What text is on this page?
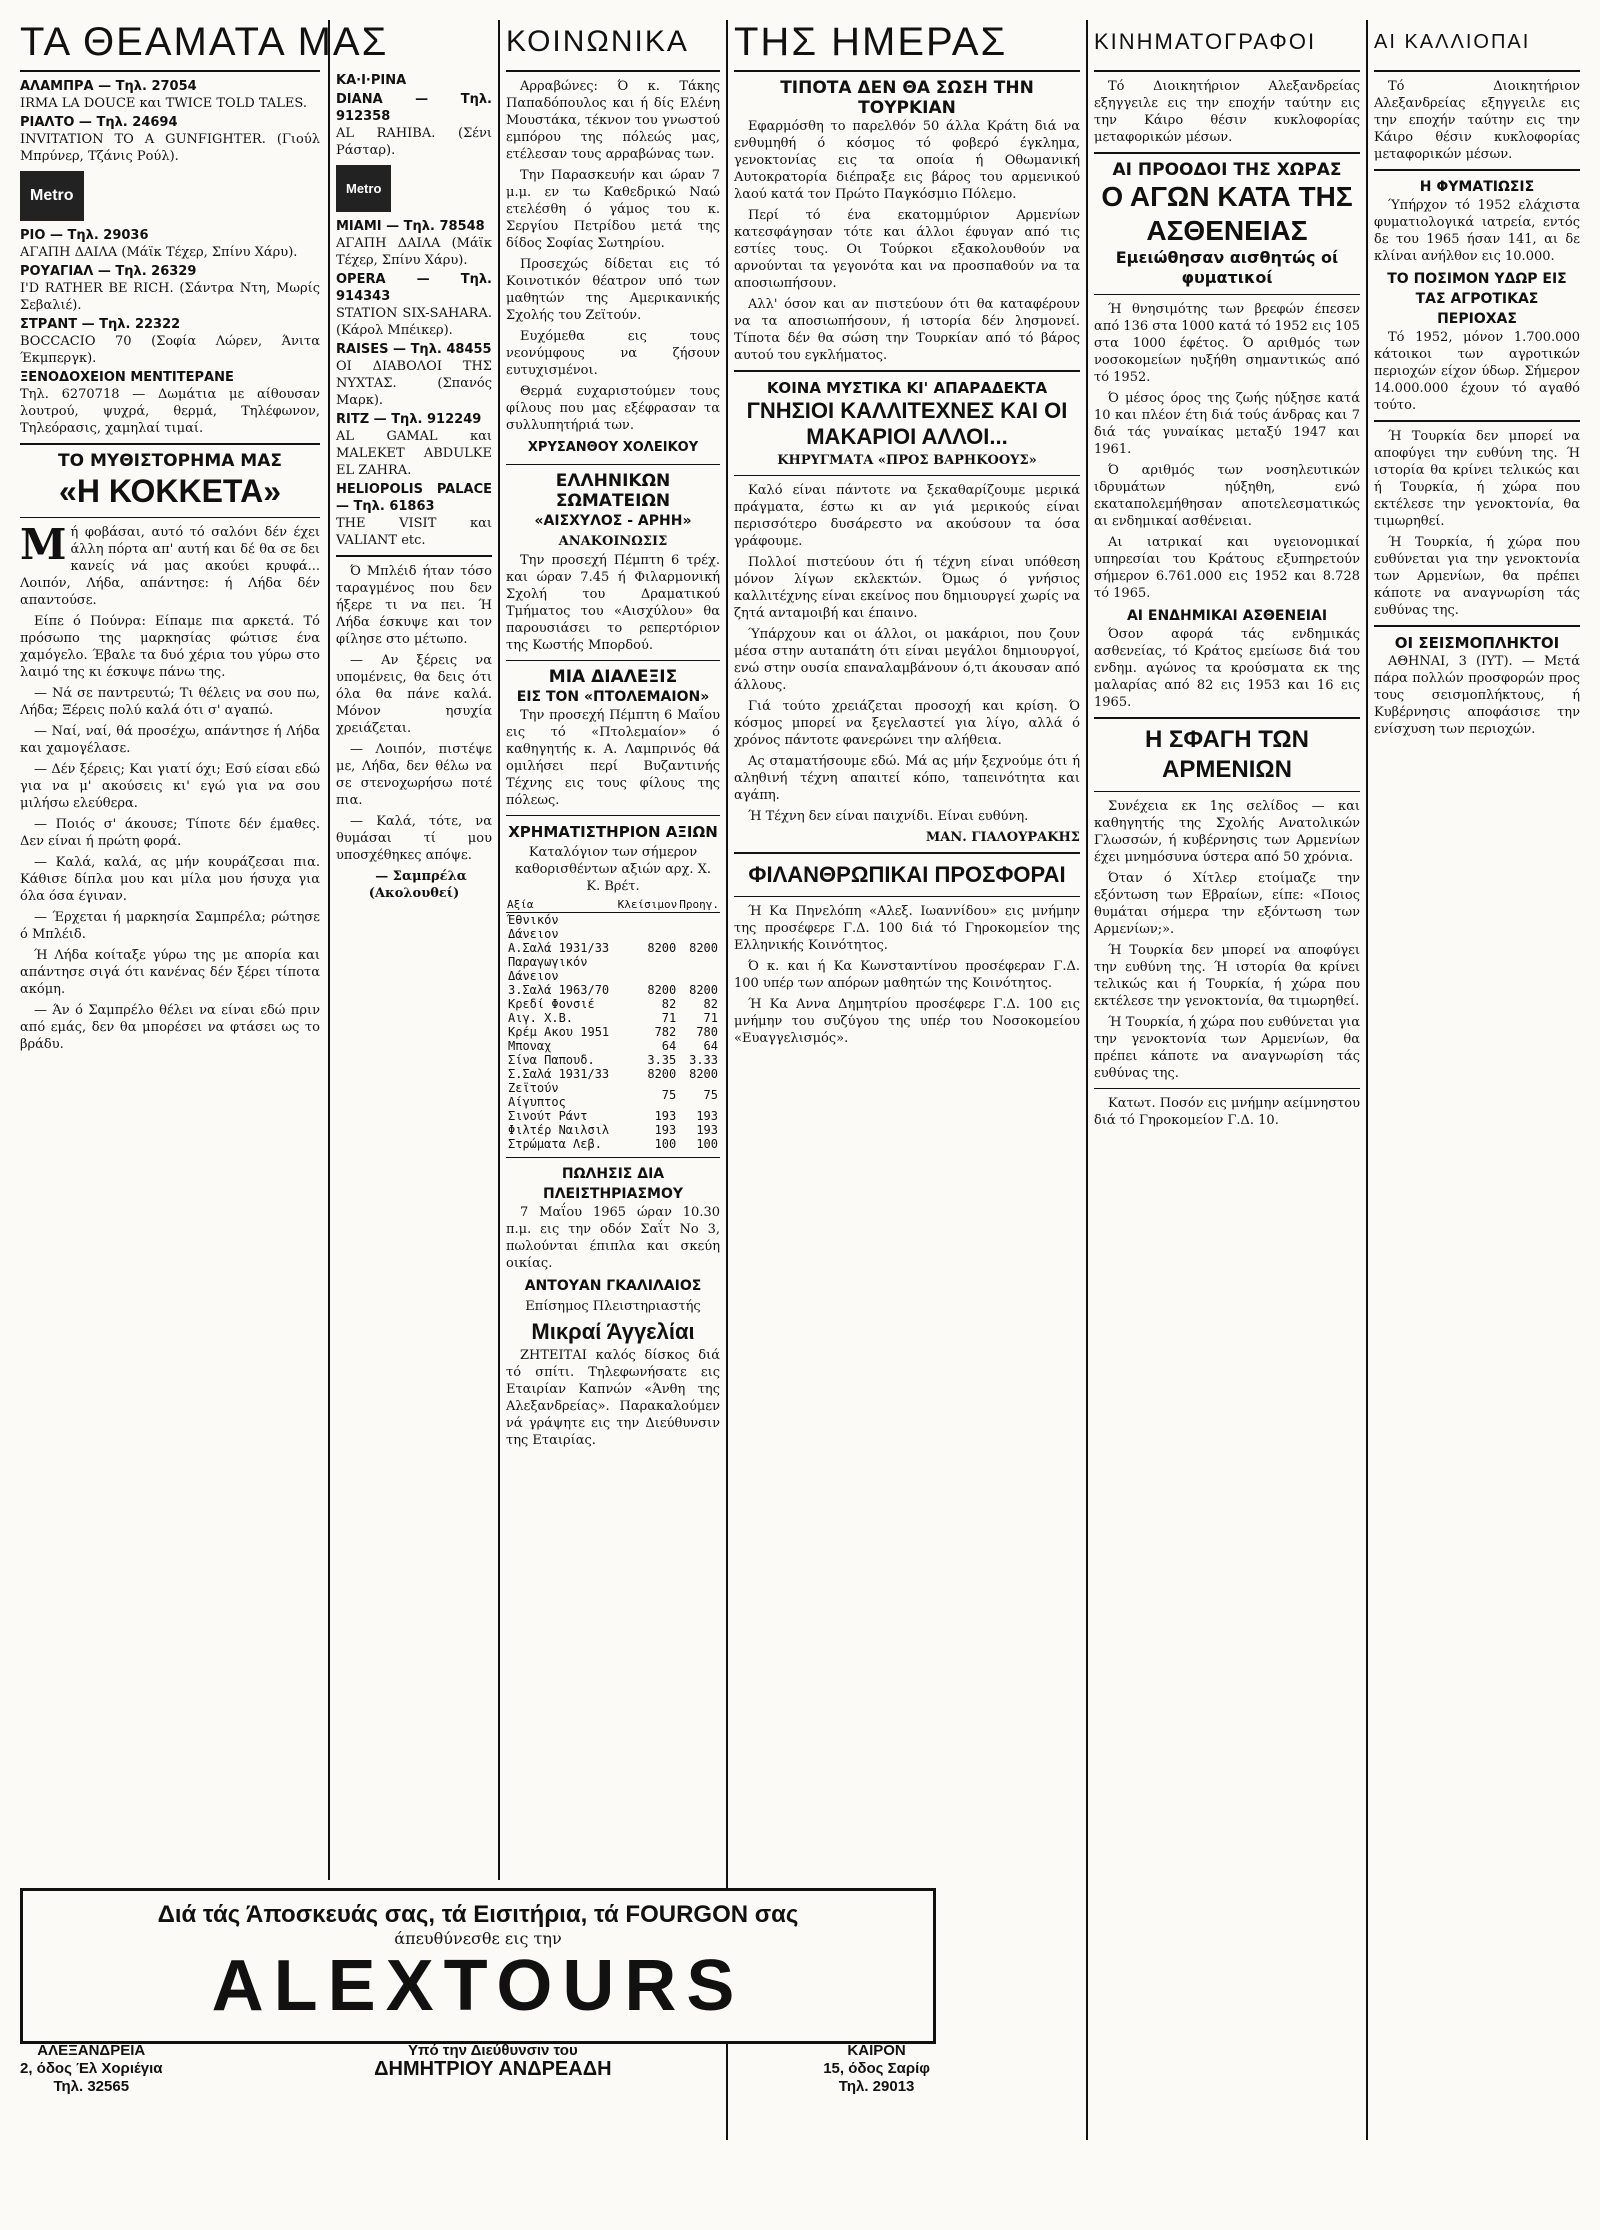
ΤΑ ΘΕΑΜΑΤΑ ΜΑΣ
ΑΛΑΜΠΡΑ — Τηλ. 27054
IRMA LA DOUCE και TWICE TOLD TALES.
ΡΙΑΛΤΟ — Τηλ. 24694
INVITATION TO A GUNFIGHTER. (Γιούλ Μπρύνερ, Τζάνις Ρούλ).
Metro
ΡΙΟ — Τηλ. 29036
ΑΓΑΠΗ ΔΑΙΛΑ (Μάϊκ Τέχερ, Σπίνυ Χάρυ).
ΡΟΥΑΓΙΑΛ — Τηλ. 26329
I'D RATHER BE RICH. (Σάντρα Ντη, Μωρίς Σεβαλιέ).
ΣΤΡΑΝΤ — Τηλ. 22322
BOCCACIO 70 (Σοφία Λώρεν, Άνιτα Έκμπεργκ).
ΞΕΝΟΔΟΧΕΙΟΝ ΜΕΝΤΙΤΕΡΑΝΕ
Τηλ. 6270718 — Δωμάτια με αίθουσαν λουτρού, ψυχρά, θερμά, Τηλέφωνον, Τηλεόρασις, χαμηλαί τιμαί.
ΤΟ ΜΥΘΙΣΤΟΡΗΜΑ ΜΑΣ
«Η ΚΟΚΚΕΤΑ»

Μή φοβάσαι, αυτό τό σαλόνι δέν έχει άλλη πόρτα απ' αυτή και δέ θα σε δει κανείς νά μας ακούει κρυφά... Λοιπόν, Λήδα, απάντησε: ή Λήδα δέν απαντούσε.

Είπε ό Πούνρα: Είπαμε πια αρκετά. Τό πρόσωπο της μαρκησίας φώτισε ένα χαμόγελο. Έβαλε τα δυό χέρια του γύρω στο λαιμό της κι έσκυψε πάνω της.

— Νά σε παντρευτώ; Τι θέλεις να σου πω, Λήδα; Ξέρεις πολύ καλά ότι σ' αγαπώ.

— Ναί, ναί, θά προσέχω, απάντησε ή Λήδα και χαμογέλασε.

— Δέν ξέρεις; Και γιατί όχι; Εσύ είσαι εδώ για να μ' ακούσεις κι' εγώ για να σου μιλήσω ελεύθερα.

— Ποιός σ' άκουσε; Τίποτε δέν έμαθες. Δεν είναι ή πρώτη φορά.

— Καλά, καλά, ας μήν κουράζεσαι πια. Κάθισε δίπλα μου και μίλα μου ήσυχα για όλα όσα έγιναν.

— Έρχεται ή μαρκησία Σαμπρέλα; ρώτησε ό Μπλέιδ.

Ή Λήδα κοίταξε γύρω της με απορία και απάντησε σιγά ότι κανένας δέν ξέρει τίποτα ακόμη.

— Άν ό Σαμπρέλο θέλει να είναι εδώ πριν από εμάς, δεν θα μπορέσει να φτάσει ως το βράδυ.

ΚΑ·Ι·ΡΙΝΑ
DIANA — Τηλ. 912358
AL RAHIBA. (Σένι Ράσταρ).
Metro
MIAMI — Τηλ. 78548
ΑΓΑΠΗ ΔΑΙΛΑ (Μάϊκ Τέχερ, Σπίνυ Χάρυ).
OPERA — Τηλ. 914343
STATION SIX-SAHARA. (Κάρολ Μπέικερ).
RAISES — Τηλ. 48455
ΟΙ ΔΙΑΒΟΛΟΙ ΤΗΣ ΝΥΧΤΑΣ. (Σπανός Μαρκ).
RITZ — Τηλ. 912249
AL GAMAL και MALEKET ABDULKE EL ZAHRA.
HELIOPOLIS PALACE — Τηλ. 61863
THE VISIT και VALIANT etc.

Ό Μπλέιδ ήταν τόσο ταραγμένος που δεν ήξερε τι να πει. Ή Λήδα έσκυψε και τον φίλησε στο μέτωπο.

— Αν ξέρεις να υπομένεις, θα δεις ότι όλα θα πάνε καλά. Μόνον ησυχία χρειάζεται.

— Λοιπόν, πιστέψε με, Λήδα, δεν θέλω να σε στενοχωρήσω ποτέ πια.

— Καλά, τότε, να θυμάσαι τί μου υποσχέθηκες απόψε.

— Σαμπρέλα (Ακολουθεί)

ΚΟΙΝΩΝΙΚΑ

Αρραβώνες: Ό κ. Τάκης Παπαδόπουλος και ή δίς Ελένη Μουστάκα, τέκνον του γνωστού εμπόρου της πόλεώς μας, ετέλεσαν τους αρραβώνας των.

Την Παρασκευήν και ώραν 7 μ.μ. εν τω Καθεδρικώ Ναώ ετελέσθη ό γάμος του κ. Σεργίου Πετρίδου μετά της δίδος Σοφίας Σωτηρίου.

Προσεχώς δίδεται εις τό Κοινοτικόν θέατρον υπό των μαθητών της Αμερικανικής Σχολής του Ζεϊτούν.

Ευχόμεθα εις τους νεονύμφους να ζήσουν ευτυχισμένοι.

Θερμά ευχαριστούμεν τους φίλους που μας εξέφρασαν τα συλλυπητήριά των.

ΧΡΥΣΑΝΘΟΥ ΧΟΛΕΙΚΟΥ
ΕΛΛΗΝΙΚΩΝ ΣΩΜΑΤΕΙΩΝ
«ΑΙΣΧΥΛΟΣ - ΑΡΗΗ»
ΑΝΑΚΟΙΝΩΣΙΣ

Την προσεχή Πέμπτη 6 τρέχ. και ώραν 7.45 ή Φιλαρμονική Σχολή του Δραματικού Τμήματος του «Αισχύλου» θα παρουσιάσει το ρεπερτόριον της Κωστής Μπορδού.

ΜΙΑ ΔΙΑΛΕΞΙΣ
ΕΙΣ ΤΟΝ «ΠΤΟΛΕΜΑΙΟΝ»

Την προσεχή Πέμπτη 6 Μαΐου εις τό «Πτολεμαίον» ό καθηγητής κ. Α. Λαμπρινός θά ομιλήσει περί Βυζαντινής Τέχνης εις τους φίλους της πόλεως.

ΧΡΗΜΑΤΙΣΤΗΡΙΟΝ ΑΞΙΩΝ
Καταλόγιον των σήμερον καθορισθέντων αξιών αρχ. Χ. Κ. Βρέτ.
Αξία	Κλείσιμον	Προηγ.
Έθνικόν Δάνειον		
Α.Σαλά 1931/33	8200	8200
Παραγωγικόν Δάνειον		
3.Σαλά 1963/70	8200	8200
Κρεδί Φονσιέ	82	82
Αιγ. Χ.Β.	71	71
Κρέμ Ακου 1951	782	780
Μποναχ	64	64
Σίνα Παπουδ.	3.35	3.33
Σ.Σαλά 1931/33	8200	8200
Ζεϊτούν Αίγυπτος	75	75
Σινούτ Ράντ	193	193
Φιλτέρ Ναιλσιλ	193	193
Στρώματα Λεβ.	100	100
ΠΩΛΗΣΙΣ ΔΙΑ ΠΛΕΙΣΤΗΡΙΑΣΜΟΥ

7 Μαΐου 1965 ώραν 10.30 π.μ. εις την οδόν Σαΐτ Νο 3, πωλούνται έπιπλα και σκεύη οικίας.

ΑΝΤΟΥΑΝ ΓΚΑΛΙΛΑΙΟΣ
Επίσημος Πλειστηριαστής
Μικραί Άγγελίαι

ΖΗΤΕΙΤΑΙ καλός δίσκος διά τό σπίτι. Τηλεφωνήσατε εις Εταιρίαν Καπνών «Άνθη της Αλεξανδρείας». Παρακαλούμεν νά γράψητε εις την Διεύθυνσιν της Εταιρίας.

ΤΗΣ ΗΜΕΡΑΣ
ΤΙΠΟΤΑ ΔΕΝ ΘΑ ΣΩΣΗ ΤΗΝ ΤΟΥΡΚΙΑΝ

Εφαρμόσθη το παρελθόν 50 άλλα Κράτη διά να ενθυμηθή ό κόσμος τό φοβερό έγκλημα, γενοκτονίας εις τα οποία ή Οθωμανική Αυτοκρατορία διέπραξε εις βάρος του αρμενικού λαού κατά τον Πρώτο Παγκόσμιο Πόλεμο.

Περί τό ένα εκατομμύριον Αρμενίων κατεσφάγησαν τότε και άλλοι έφυγαν από τις εστίες τους. Οι Τούρκοι εξακολουθούν να αρνούνται τα γεγονότα και να προσπαθούν να τα αποσιωπήσουν.

Αλλ' όσον και αν πιστεύουν ότι θα καταφέρουν να τα αποσιωπήσουν, ή ιστορία δέν λησμονεί. Τίποτα δέν θα σώση την Τουρκίαν από τό βάρος αυτού του εγκλήματος.

ΚΟΙΝΑ ΜΥΣΤΙΚΑ ΚΙ' ΑΠΑΡΑΔΕΚΤΑ
ΓΝΗΣΙΟΙ ΚΑΛΛΙΤΕΧΝΕΣ ΚΑΙ ΟΙ ΜΑΚΑΡΙΟΙ ΑΛΛΟΙ...
ΚΗΡΥΓΜΑΤΑ «ΠΡΟΣ ΒΑΡΗΚΟΟΥΣ»

Καλό είναι πάντοτε να ξεκαθαρίζουμε μερικά πράγματα, έστω κι αν γιά μερικούς είναι περισσότερο δυσάρεστο να ακούσουν τα όσα γράφουμε.

Πολλοί πιστεύουν ότι ή τέχνη είναι υπόθεση μόνον λίγων εκλεκτών. Όμως ό γνήσιος καλλιτέχνης είναι εκείνος που δημιουργεί χωρίς να ζητά ανταμοιβή και έπαινο.

Ύπάρχουν και οι άλλοι, οι μακάριοι, που ζουν μέσα στην αυταπάτη ότι είναι μεγάλοι δημιουργοί, ενώ στην ουσία επαναλαμβάνουν ό,τι άκουσαν από άλλους.

Γιά τούτο χρειάζεται προσοχή και κρίση. Ό κόσμος μπορεί να ξεγελαστεί για λίγο, αλλά ό χρόνος πάντοτε φανερώνει την αλήθεια.

Ας σταματήσουμε εδώ. Μά ας μήν ξεχνούμε ότι ή αληθινή τέχνη απαιτεί κόπο, ταπεινότητα και αγάπη.

Ή Τέχνη δεν είναι παιχνίδι. Είναι ευθύνη.

ΜΑΝ. ΓΙΑΛΟΥΡΑΚΗΣ
ΦΙΛΑΝΘΡΩΠΙΚΑΙ ΠΡΟΣΦΟΡΑΙ

Ή Κα Πηνελόπη «Αλεξ. Ιωαννίδου» εις μνήμην της προσέφερε Γ.Δ. 100 διά τό Γηροκομείον της Ελληνικής Κοινότητος.

Ό κ. και ή Κα Κωνσταντίνου προσέφεραν Γ.Δ. 100 υπέρ των απόρων μαθητών της Κοινότητος.

Ή Κα Αννα Δημητρίου προσέφερε Γ.Δ. 100 εις μνήμην του συζύγου της υπέρ του Νοσοκομείου «Ευαγγελισμός».

ΚΙΝΗΜΑΤΟΓΡΑΦΟΙ

Τό Διοικητήριον Αλεξανδρείας εξηγγειλε εις την εποχήν ταύτην εις την Κάιρο θέσιν κυκλοφορίας μεταφορικών μέσων.

ΑΙ ΠΡΟΟΔΟΙ ΤΗΣ ΧΩΡΑΣ
Ο ΑΓΩΝ ΚΑΤΑ ΤΗΣ ΑΣΘΕΝΕΙΑΣ
Εμειώθησαν αισθητώς οί φυματικοί

Ή θνησιμότης των βρεφών έπεσεν από 136 στα 1000 κατά τό 1952 εις 105 στα 1000 έφέτος. Ό αριθμός των νοσοκομείων ηυξήθη σημαντικώς από τό 1952.

Ό μέσος όρος της ζωής ηύξησε κατά 10 και πλέον έτη διά τούς άνδρας και 7 διά τάς γυναίκας μεταξύ 1947 και 1961.

Ό αριθμός των νοσηλευτικών ιδρυμάτων ηύξηθη, ενώ εκαταπολεμήθησαν αποτελεσματικώς αι ενδημικαί ασθένειαι.

Αι ιατρικαί και υγειονομικαί υπηρεσίαι του Κράτους εξυπηρετούν σήμερον 6.761.000 εις 1952 και 8.728 τό 1965.

ΑΙ ΕΝΔΗΜΙΚΑΙ ΑΣΘΕΝΕΙΑΙ

Όσον αφορά τάς ενδημικάς ασθενείας, τό Κράτος εμείωσε διά του ενδημ. αγώνος τα κρούσματα εκ της μαλαρίας από 82 εις 1953 και 16 εις 1965.

Η ΣΦΑΓΗ ΤΩΝ ΑΡΜΕΝΙΩΝ

Συνέχεια εκ 1ης σελίδος — και καθηγητής της Σχολής Ανατολικών Γλωσσών, ή κυβέρνησις των Αρμενίων έχει μνημόσυνα ύστερα από 50 χρόνια.

Όταν ό Χίτλερ ετοίμαζε την εξόντωση των Εβραίων, είπε: «Ποιος θυμάται σήμερα την εξόντωση των Αρμενίων;».

Ή Τουρκία δεν μπορεί να αποφύγει την ευθύνη της. Ή ιστορία θα κρίνει τελικώς και ή Τουρκία, ή χώρα που εκτέλεσε την γενοκτονία, θα τιμωρηθεί.

Ή Τουρκία, ή χώρα που ευθύνεται για την γενοκτονία των Αρμενίων, θα πρέπει κάποτε να αναγνωρίση τάς ευθύνας της.

Κατωτ. Ποσόν εις μνήμην αείμνηστου διά τό Γηροκομείον Γ.Δ. 10.

ΑΙ ΚΑΛΛΙΟΠΑΙ

Τό Διοικητήριον Αλεξανδρείας εξηγγειλε εις την εποχήν ταύτην εις την Κάιρο θέσιν κυκλοφορίας μεταφορικών μέσων.

Η ΦΥΜΑΤΙΩΣΙΣ

Ύπήρχον τό 1952 ελάχιστα φυματιολογικά ιατρεία, εντός δε του 1965 ήσαν 141, αι δε κλίναι ανήλθον εις 10.000.

ΤΟ ΠΟΣΙΜΟΝ ΥΔΩΡ ΕΙΣ ΤΑΣ ΑΓΡΟΤΙΚΑΣ ΠΕΡΙΟΧΑΣ

Τό 1952, μόνον 1.700.000 κάτοικοι των αγροτικών περιοχών είχον ύδωρ. Σήμερον 14.000.000 έχουν τό αγαθό τούτο.

Ή Τουρκία δεν μπορεί να αποφύγει την ευθύνη της. Ή ιστορία θα κρίνει τελικώς και ή Τουρκία, ή χώρα που εκτέλεσε την γενοκτονία, θα τιμωρηθεί.

Ή Τουρκία, ή χώρα που ευθύνεται για την γενοκτονία των Αρμενίων, θα πρέπει κάποτε να αναγνωρίση τάς ευθύνας της.

ΟΙ ΣΕΙΣΜΟΠΛΗΚΤΟΙ

ΑΘΗΝΑΙ, 3 (ΙΥΤ). — Μετά πάρα πολλών προσφορών προς τους σεισμοπλήκτους, ή Κυβέρνησις αποφάσισε την ενίσχυση των περιοχών.

Διά τάς Άποσκευάς σας, τά Εισιτήρια, τά FOURGON σας
άπευθύνεσθε εις την
ALEXTOURS
ΑΛΕΞΑΝΔΡΕΙΑ
2, όδος Έλ Χοριέγια
Τηλ. 32565
Υπό την Διεύθυνσιν του
ΔΗΜΗΤΡΙΟΥ ΑΝΔΡΕΑΔΗ
ΚΑΪΡΟΝ
15, όδος Σαρίφ
Τηλ. 29013
